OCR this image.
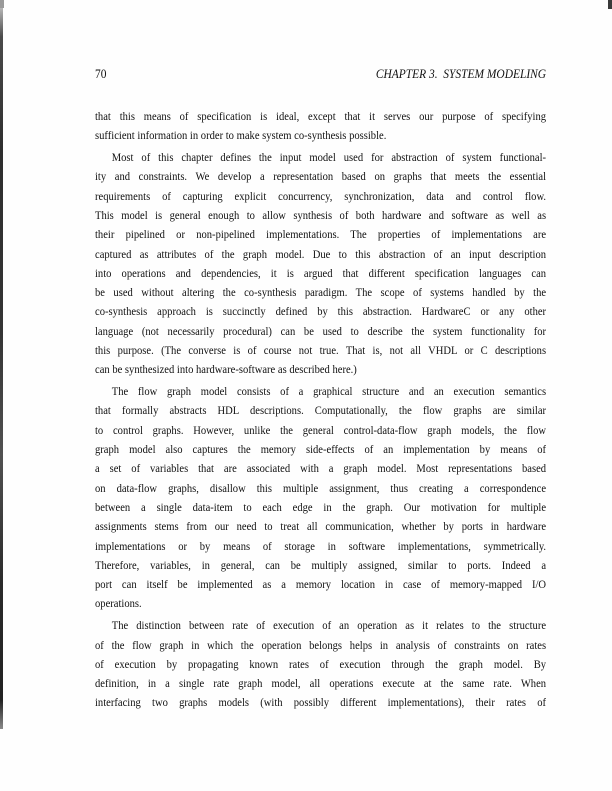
70	CHAPTER 3.  SYSTEM MODELING
that this means of specification is ideal, except that it serves our purpose of specifying
sufficient information in order to make system co-synthesis possible.
Most of this chapter defines the input model used for abstraction of system functional-
ity and constraints. We develop a representation based on graphs that meets the essential
requirements of capturing explicit concurrency, synchronization, data and control flow.
This model is general enough to allow synthesis of both hardware and software as well as
their pipelined or non-pipelined implementations. The properties of implementations are
captured as attributes of the graph model. Due to this abstraction of an input description
into operations and dependencies, it is argued that different specification languages can
be used without altering the co-synthesis paradigm. The scope of systems handled by the
co-synthesis approach is succinctly defined by this abstraction. HardwareC or any other
language (not necessarily procedural) can be used to describe the system functionality for
this purpose. (The converse is of course not true. That is, not all VHDL or C descriptions
can be synthesized into hardware-software as described here.)
The flow graph model consists of a graphical structure and an execution semantics
that formally abstracts HDL descriptions. Computationally, the flow graphs are similar
to control graphs. However, unlike the general control-data-flow graph models, the flow
graph model also captures the memory side-effects of an implementation by means of
a set of variables that are associated with a graph model. Most representations based
on data-flow graphs, disallow this multiple assignment, thus creating a correspondence
between a single data-item to each edge in the graph. Our motivation for multiple
assignments stems from our need to treat all communication, whether by ports in hardware
implementations or by means of storage in software implementations, symmetrically.
Therefore, variables, in general, can be multiply assigned, similar to ports. Indeed a
port can itself be implemented as a memory location in case of memory-mapped I/O
operations.
The distinction between rate of execution of an operation as it relates to the structure
of the flow graph in which the operation belongs helps in analysis of constraints on rates
of execution by propagating known rates of execution through the graph model. By
definition, in a single rate graph model, all operations execute at the same rate. When
interfacing two graphs models (with possibly different implementations), their rates of
